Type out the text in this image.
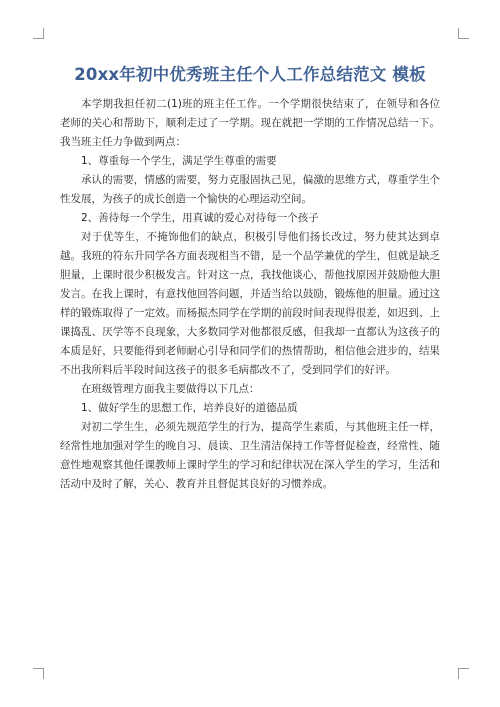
20xx年初中优秀班主任个人工作总结范文 模板

本学期我担任初二(1)班的班主任工作。一个学期很快结束了，在领导和各位老师的关心和帮助下，顺利走过了一学期。现在就把一学期的工作情况总结一下。我当班主任力争做到两点：

1、尊重每一个学生，满足学生尊重的需要

承认的需要，情感的需要，努力克服固执己见，偏激的思维方式，尊重学生个性发展，为孩子的成长创造一个愉快的心理运动空间。

2、善待每一个学生，用真诚的爱心对待每一个孩子

对于优等生，不掩饰他们的缺点，积极引导他们扬长改过，努力使其达到卓越。我班的符东升同学各方面表现相当不错，是一个品学兼优的学生，但就是缺乏胆量，上课时很少积极发言。针对这一点，我找他谈心，帮他找原因并鼓励他大胆发言。在我上课时，有意找他回答问题，并适当给以鼓励，锻炼他的胆量。通过这样的锻炼取得了一定效。而杨振杰同学在学期的前段时间表现得很差，如迟到、上课捣乱、厌学等不良现象，大多数同学对他都很反感，但我却一直都认为这孩子的本质是好，只要能得到老师耐心引导和同学们的热情帮助，相信他会进步的，结果不出我所料后半段时间这孩子的很多毛病都改不了，受到同学们的好评。

在班级管理方面我主要做得以下几点：

1、做好学生的思想工作，培养良好的道德品质

对初二学生生，必须先规范学生的行为，提高学生素质，与其他班主任一样，经常性地加强对学生的晚自习、晨读、卫生清洁保持工作等督促检查，经常性、随意性地观察其他任课教师上课时学生的学习和纪律状况在深入学生的学习，生活和活动中及时了解，关心、教育并且督促其良好的习惯养成。
